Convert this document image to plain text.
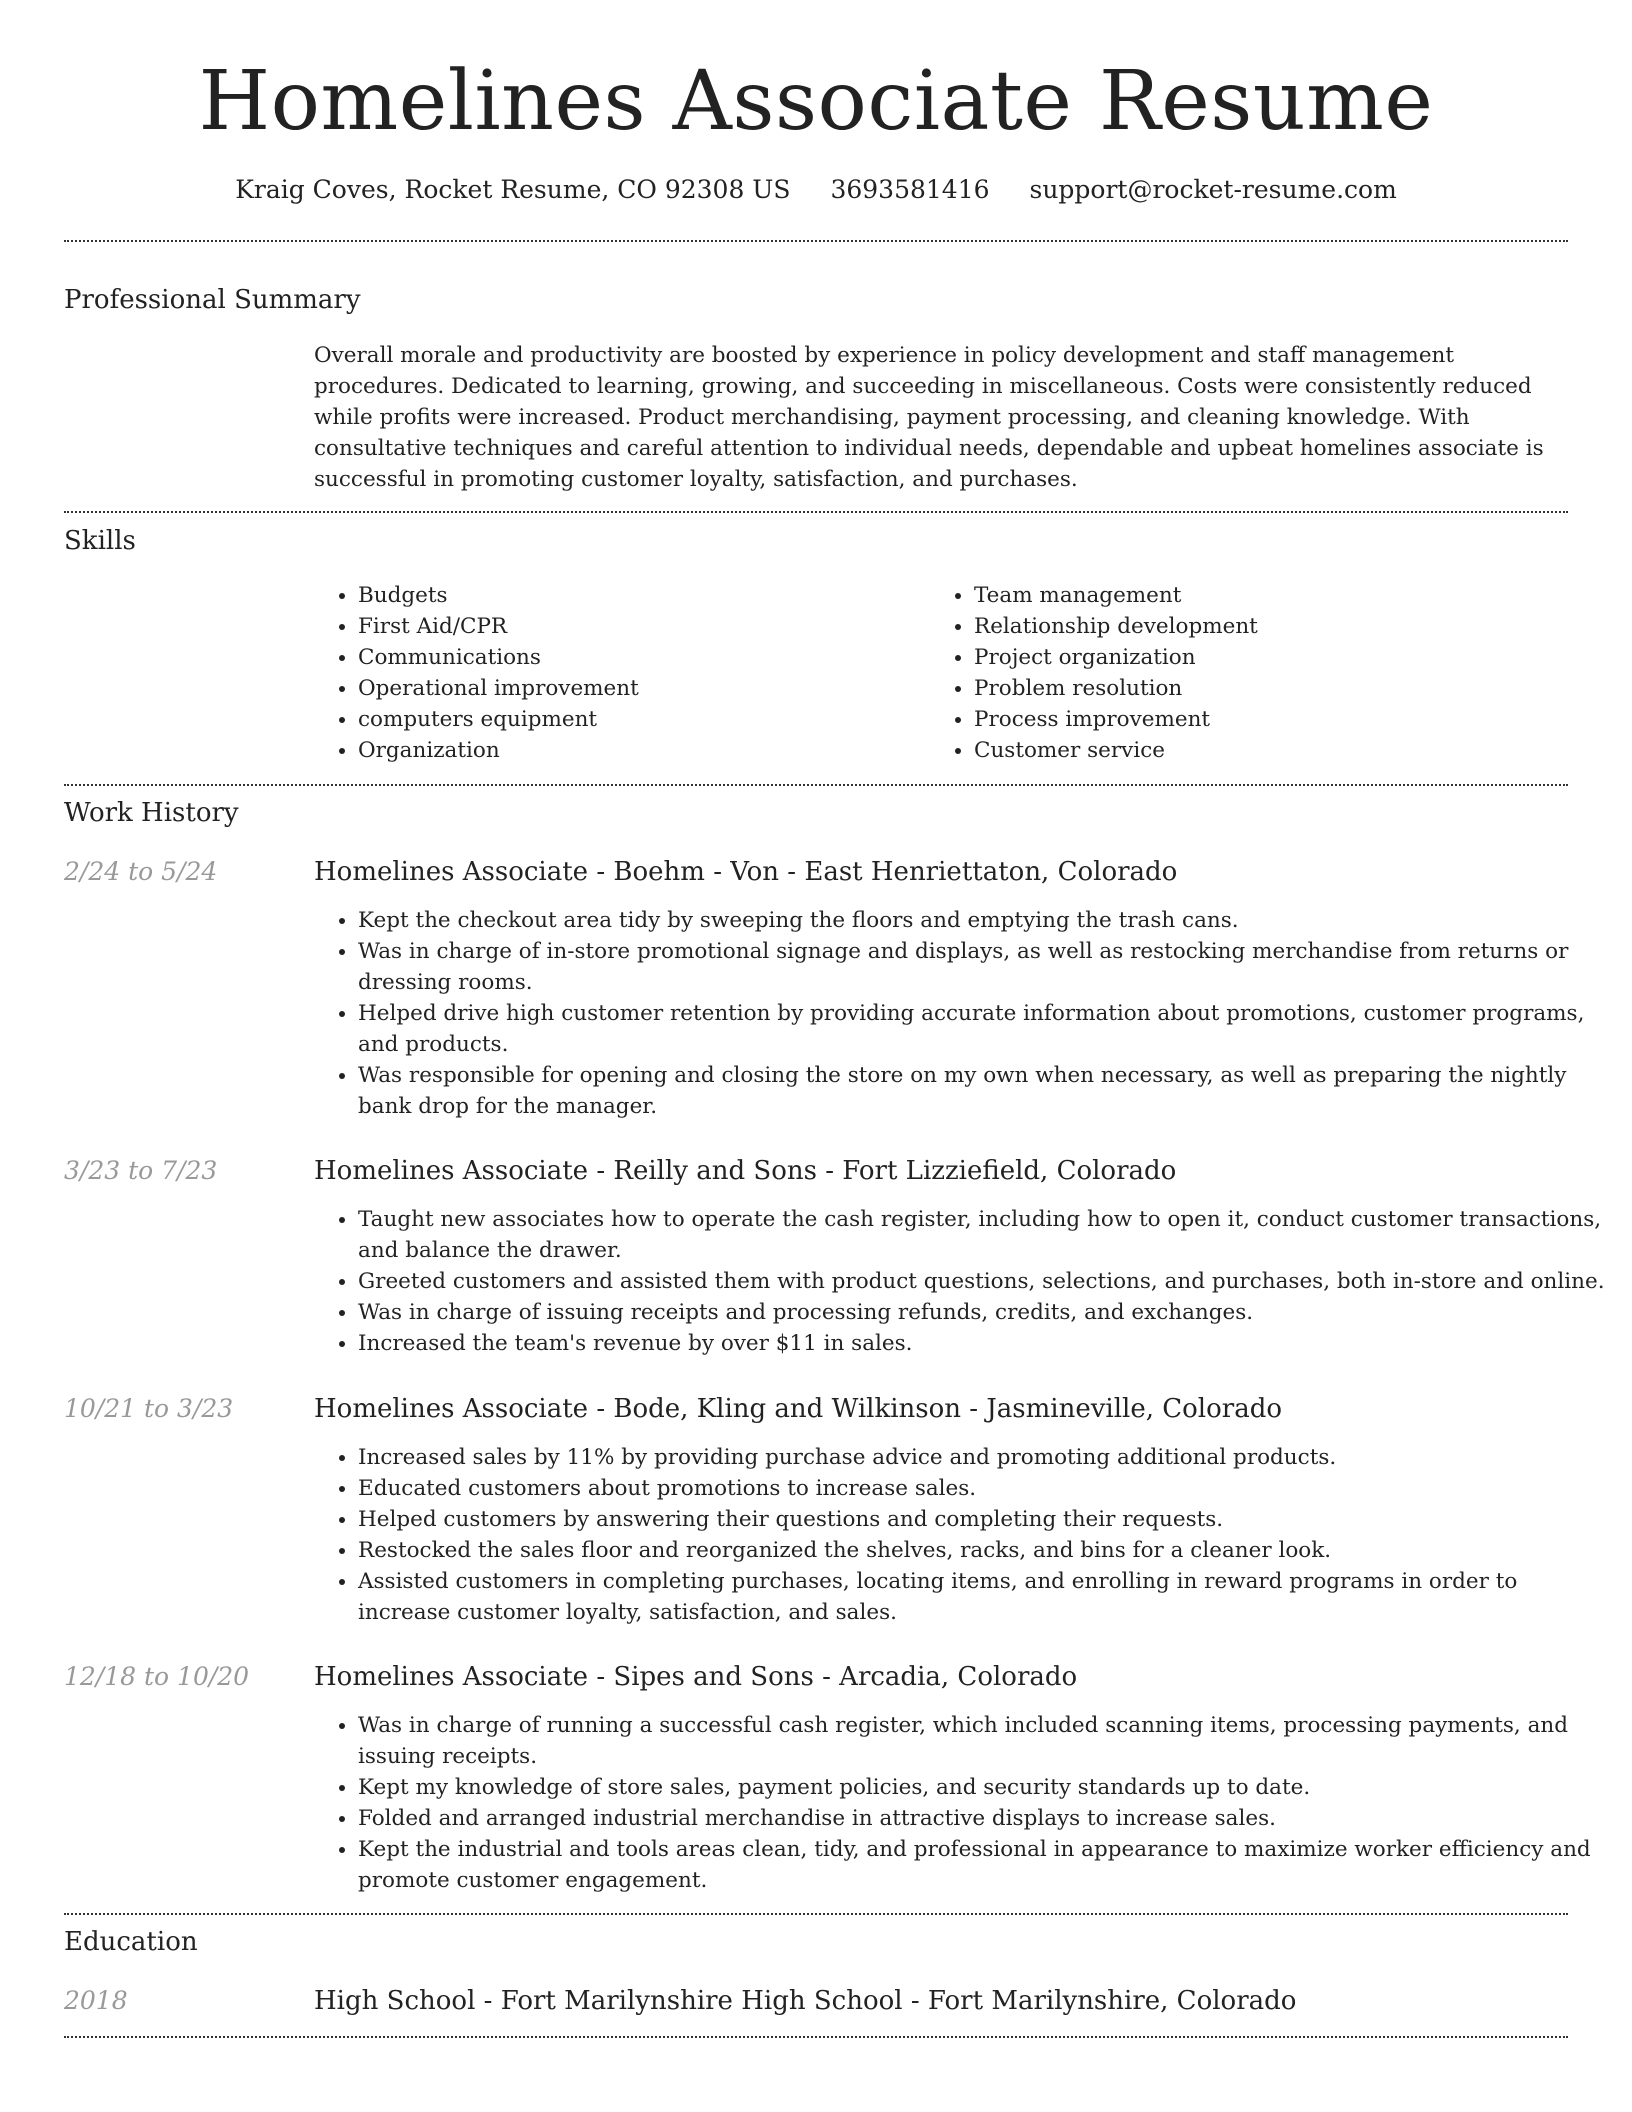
Homelines Associate Resume
Kraig Coves, Rocket Resume, CO 92308 US 3693581416 support@rocket-resume.com
Professional Summary

Overall morale and productivity are boosted by experience in policy development and staff management procedures. Dedicated to learning, growing, and succeeding in miscellaneous. Costs were consistently reduced while profits were increased. Product merchandising, payment processing, and cleaning knowledge. With consultative techniques and careful attention to individual needs, dependable and upbeat homelines associate is successful in promoting customer loyalty, satisfaction, and purchases.

Skills
• Budgets
• First Aid/CPR
• Communications
• Operational improvement
• computers equipment
• Organization
• Team management
• Relationship development
• Project organization
• Problem resolution
• Process improvement
• Customer service
Work History
2/24 to 5/24	Homelines Associate - Boehm - Von - East Henriettaton, Colorado
• Kept the checkout area tidy by sweeping the floors and emptying the trash cans.
• Was in charge of in-store promotional signage and displays, as well as restocking merchandise from returns or dressing rooms.
• Helped drive high customer retention by providing accurate information about promotions, customer programs, and products.
• Was responsible for opening and closing the store on my own when necessary, as well as preparing the nightly bank drop for the manager.
3/23 to 7/23	Homelines Associate - Reilly and Sons - Fort Lizziefield, Colorado
• Taught new associates how to operate the cash register, including how to open it, conduct customer transactions, and balance the drawer.
• Greeted customers and assisted them with product questions, selections, and purchases, both in-store and online.
• Was in charge of issuing receipts and processing refunds, credits, and exchanges.
• Increased the team's revenue by over $11 in sales.
10/21 to 3/23	Homelines Associate - Bode, Kling and Wilkinson - Jasmineville, Colorado
• Increased sales by 11% by providing purchase advice and promoting additional products.
• Educated customers about promotions to increase sales.
• Helped customers by answering their questions and completing their requests.
• Restocked the sales floor and reorganized the shelves, racks, and bins for a cleaner look.
• Assisted customers in completing purchases, locating items, and enrolling in reward programs in order to increase customer loyalty, satisfaction, and sales.
12/18 to 10/20 Homelines Associate - Sipes and Sons - Arcadia, Colorado
• Was in charge of running a successful cash register, which included scanning items, processing payments, and issuing receipts.
• Kept my knowledge of store sales, payment policies, and security standards up to date.
• Folded and arranged industrial merchandise in attractive displays to increase sales.
• Kept the industrial and tools areas clean, tidy, and professional in appearance to maximize worker efficiency and promote customer engagement.
Education
2018	High School - Fort Marilynshire High School - Fort Marilynshire, Colorado
